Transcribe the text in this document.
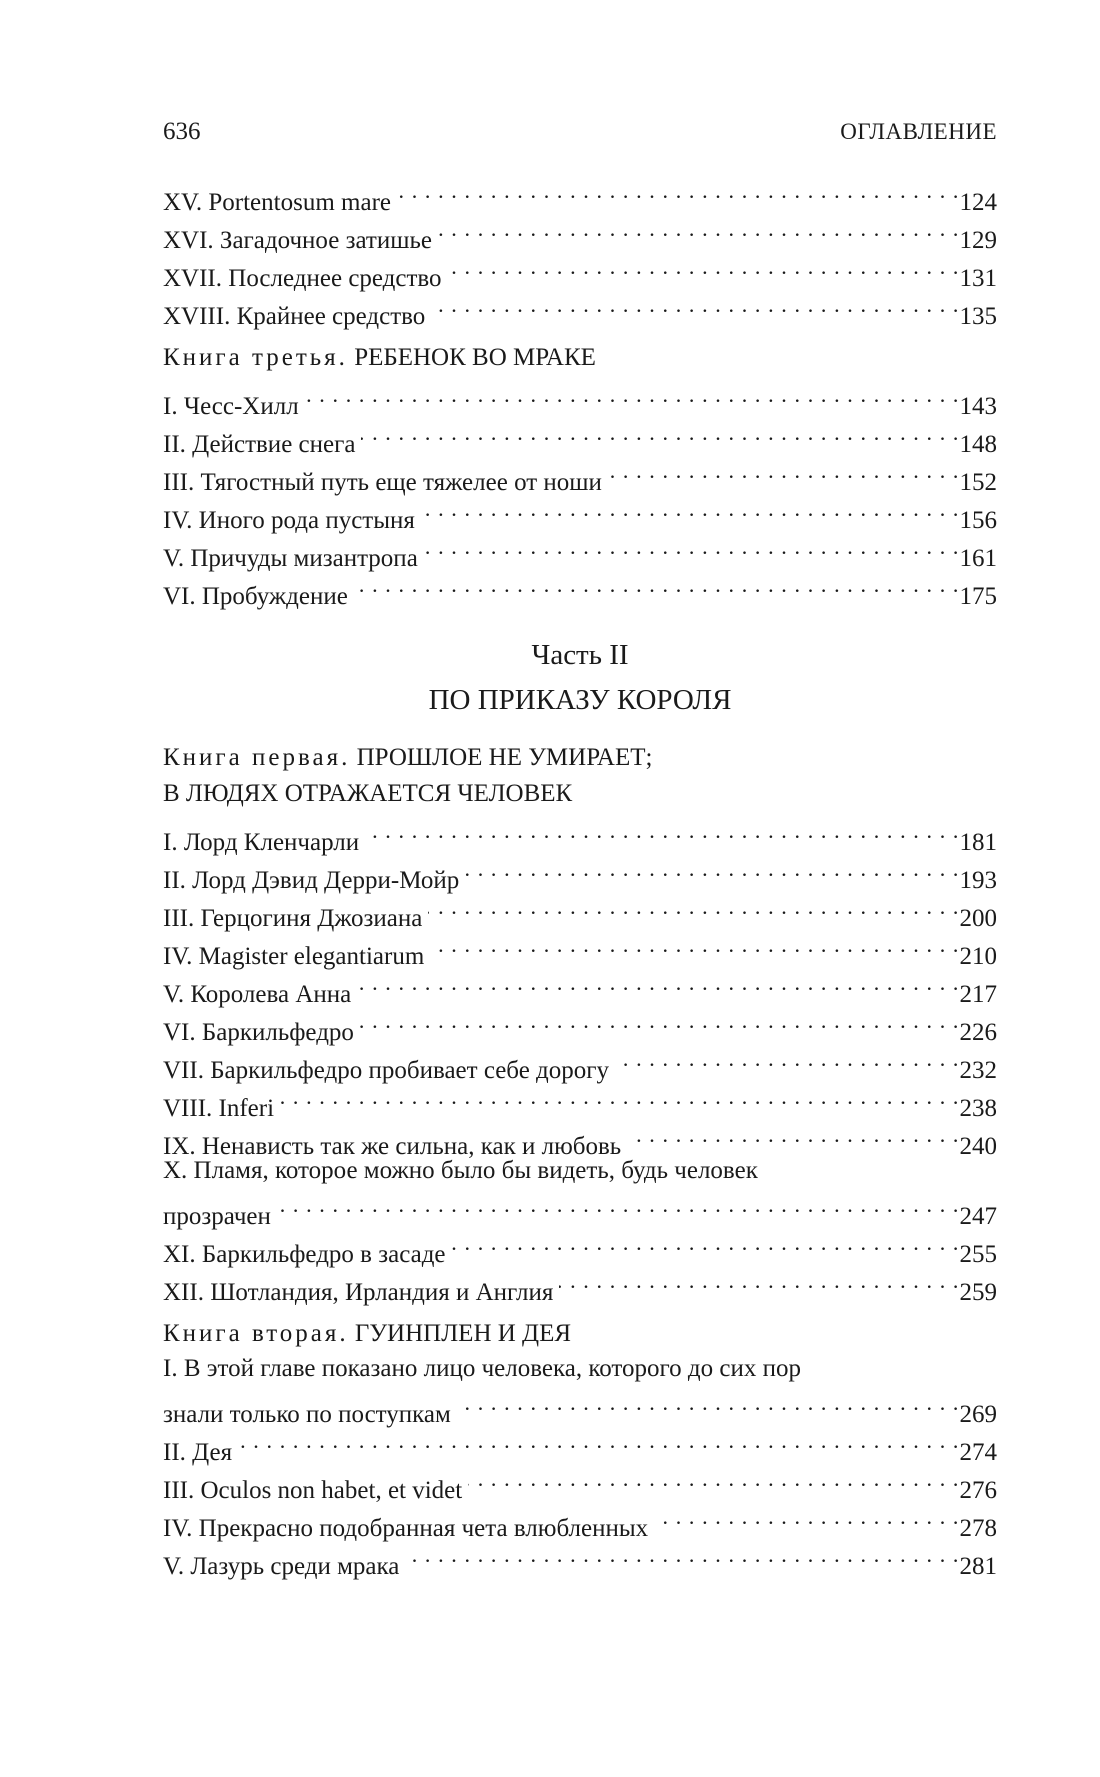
636	ОГЛАВЛЕНИЕ
XV. Portentosum mare . . .	124
XVI. Загадочное затишье . . .	129
XVII. Последнее средство . . .	131
XVIII. Крайнее средство . . .	135
Книга третья. РЕБЕНОК ВО МРАКЕ
I. Чесс-Хилл . . .	143
II. Действие снега . . .	148
III. Тягостный путь еще тяжелее от ноши . . .	152
IV. Иного рода пустыня . . .	156
V. Причуды мизантропа . . .	161
VI. Пробуждение . . .	175
Часть II
ПО ПРИКАЗУ КОРОЛЯ
Книга первая. ПРОШЛОЕ НЕ УМИРАЕТ;
В ЛЮДЯХ ОТРАЖАЕТСЯ ЧЕЛОВЕК
I. Лорд Кленчарли . . .	181
II. Лорд Дэвид Дерри-Мойр . . .	193
III. Герцогиня Джозиана . . .	200
IV. Magister elegantiarum . . .	210
V. Королева Анна . . .	217
VI. Баркильфедро . . .	226
VII. Баркильфедро пробивает себе дорогу . . .	232
VIII. Inferi . . .	238
IX. Ненависть так же сильна, как и любовь . . .	240
X. Пламя, которое можно было бы видеть, будь человек
прозрачен . . .	247
XI. Баркильфедро в засаде . . .	255
XII. Шотландия, Ирландия и Англия . . .	259
Книга вторая. ГУИНПЛЕН И ДЕЯ
I. В этой главе показано лицо человека, которого до сих пор
знали только по поступкам . . .	269
II. Дея . . .	274
III. Oculos non habet, et videt . . .	276
IV. Прекрасно подобранная чета влюбленных . . .	278
V. Лазурь среди мрака . . .	281
